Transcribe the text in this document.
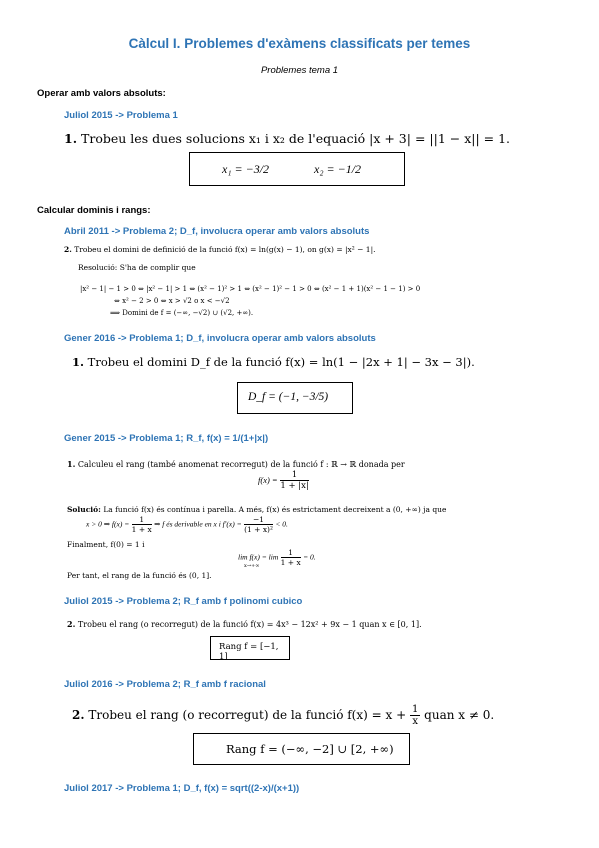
Càlcul I. Problemes d'exàmens classificats per temes
Problemes tema 1
Operar amb valors absoluts:
Juliol 2015 -> Problema 1
1. Trobeu les dues solucions x₁ i x₂ de l'equació |x + 3| = ||1 − x|| = 1.
x₁ = −3/2	x₂ = −1/2
Calcular dominis i rangs:
Abril 2011 -> Problema 2; D_f, involucra operar amb valors absoluts
2. Trobeu el domini de definició de la funció f(x) = ln(g(x) − 1), on g(x) = |x² − 1|.
Resolució: S'ha de complir que
|x² − 1| − 1 > 0 ⇔ |x² − 1| > 1 ⇔ (x² − 1)² > 1 ⇔ (x² − 1)² − 1 > 0 ⇔ (x² − 1 + 1)(x² − 1 − 1) > 0
⇔ x² − 2 > 0 ⇔ x > √2 o x < −√2
⟹ Domini de f = (−∞, −√2) ∪ (√2, +∞).
Gener 2016 -> Problema 1; D_f, involucra operar amb valors absoluts
1. Trobeu el domini D_f de la funció f(x) = ln(1 − |2x + 1| − 3x − 3|).
D_f = (−1, −3/5)
Gener 2015 -> Problema 1; R_f, f(x) = 1/(1+|x|)
1. Calculeu el rang (també anomenat recorregut) de la funció f : ℝ → ℝ donada per
$f(x) = \frac{1}{1 + |x|}$
Solució: La funció f(x) és contínua i parella. A més, f(x) és estrictament decreixent a (0, +∞) ja que
x > 0 ⇒ $f(x) = \frac{1}{1 + x}$ ⇒ f és derivable en x i $f'(x) = \frac{-1}{\text{(1 + x)²}} < 0$.
Finalment, f(0) = 1 i
$\lim f(x) = \lim \frac{1}{1 + x} = 0$.
x→+∞
Per tant, el rang de la funció és (0, 1].
Juliol 2015 -> Problema 2; R_f amb f polinomi cubico
2. Trobeu el rang (o recorregut) de la funció f(x) = 4x³ − 12x² + 9x − 1 quan x ∈ [0, 1].
Rang f = [−1, 1]
Juliol 2016 -> Problema 2; R_f amb f racional
2. Trobeu el rang (o recorregut) de la funció $f(x) = x + \frac{1}{x}$ quan x ≠ 0.
Rang f = (−∞, −2] ∪ [2, +∞)
Juliol 2017 -> Problema 1; D_f, f(x) = sqrt((2-x)/(x+1))
